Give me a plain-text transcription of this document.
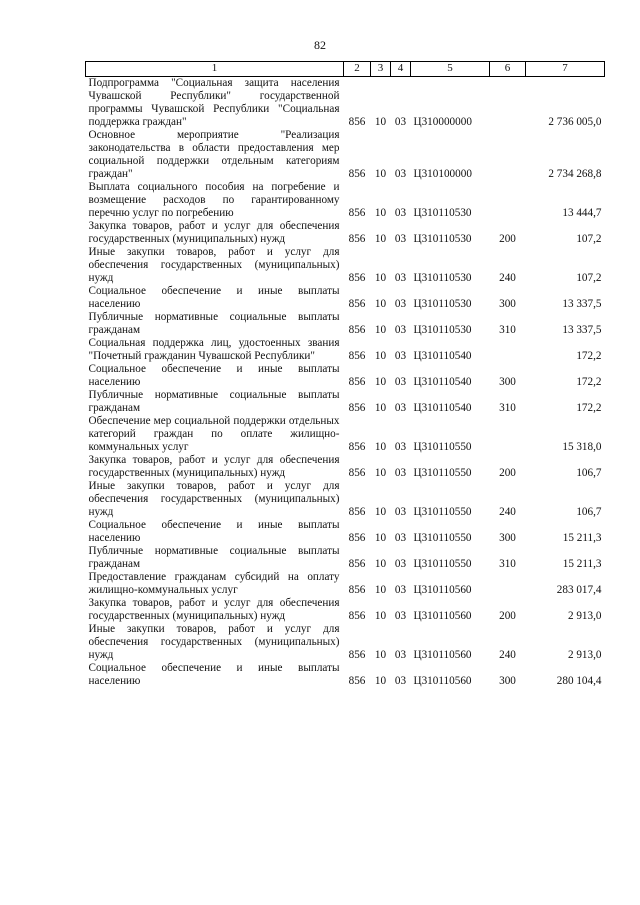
82
1	2	3	4	5	6	7
Подпрограмма "Социальная защита населения Чувашской Республики" государственной программы Чувашской Республики "Социальная поддержка граждан"	856	10	03	Ц310000000		2 736 005,0
Основное мероприятие "Реализация законодательства в области предоставления мер социальной поддержки отдельным категориям граждан"	856	10	03	Ц310100000		2 734 268,8
Выплата социального пособия на погребение и возмещение расходов по гарантированному перечню услуг по погребению	856	10	03	Ц310110530		13 444,7
Закупка товаров, работ и услуг для обеспечения государственных (муниципальных) нужд	856	10	03	Ц310110530	200	107,2
Иные закупки товаров, работ и услуг для обеспечения государственных (муниципальных) нужд	856	10	03	Ц310110530	240	107,2
Социальное обеспечение и иные выплаты населению	856	10	03	Ц310110530	300	13 337,5
Публичные нормативные социальные выплаты гражданам	856	10	03	Ц310110530	310	13 337,5
Социальная поддержка лиц, удостоенных звания "Почетный гражданин Чувашской Республики"	856	10	03	Ц310110540		172,2
Социальное обеспечение и иные выплаты населению	856	10	03	Ц310110540	300	172,2
Публичные нормативные социальные выплаты гражданам	856	10	03	Ц310110540	310	172,2
Обеспечение мер социальной поддержки отдельных категорий граждан по оплате жилищно-коммунальных услуг	856	10	03	Ц310110550		15 318,0
Закупка товаров, работ и услуг для обеспечения государственных (муниципальных) нужд	856	10	03	Ц310110550	200	106,7
Иные закупки товаров, работ и услуг для обеспечения государственных (муниципальных) нужд	856	10	03	Ц310110550	240	106,7
Социальное обеспечение и иные выплаты населению	856	10	03	Ц310110550	300	15 211,3
Публичные нормативные социальные выплаты гражданам	856	10	03	Ц310110550	310	15 211,3
Предоставление гражданам субсидий на оплату жилищно-коммунальных услуг	856	10	03	Ц310110560		283 017,4
Закупка товаров, работ и услуг для обеспечения государственных (муниципальных) нужд	856	10	03	Ц310110560	200	2 913,0
Иные закупки товаров, работ и услуг для обеспечения государственных (муниципальных) нужд	856	10	03	Ц310110560	240	2 913,0
Социальное обеспечение и иные выплаты населению	856	10	03	Ц310110560	300	280 104,4
